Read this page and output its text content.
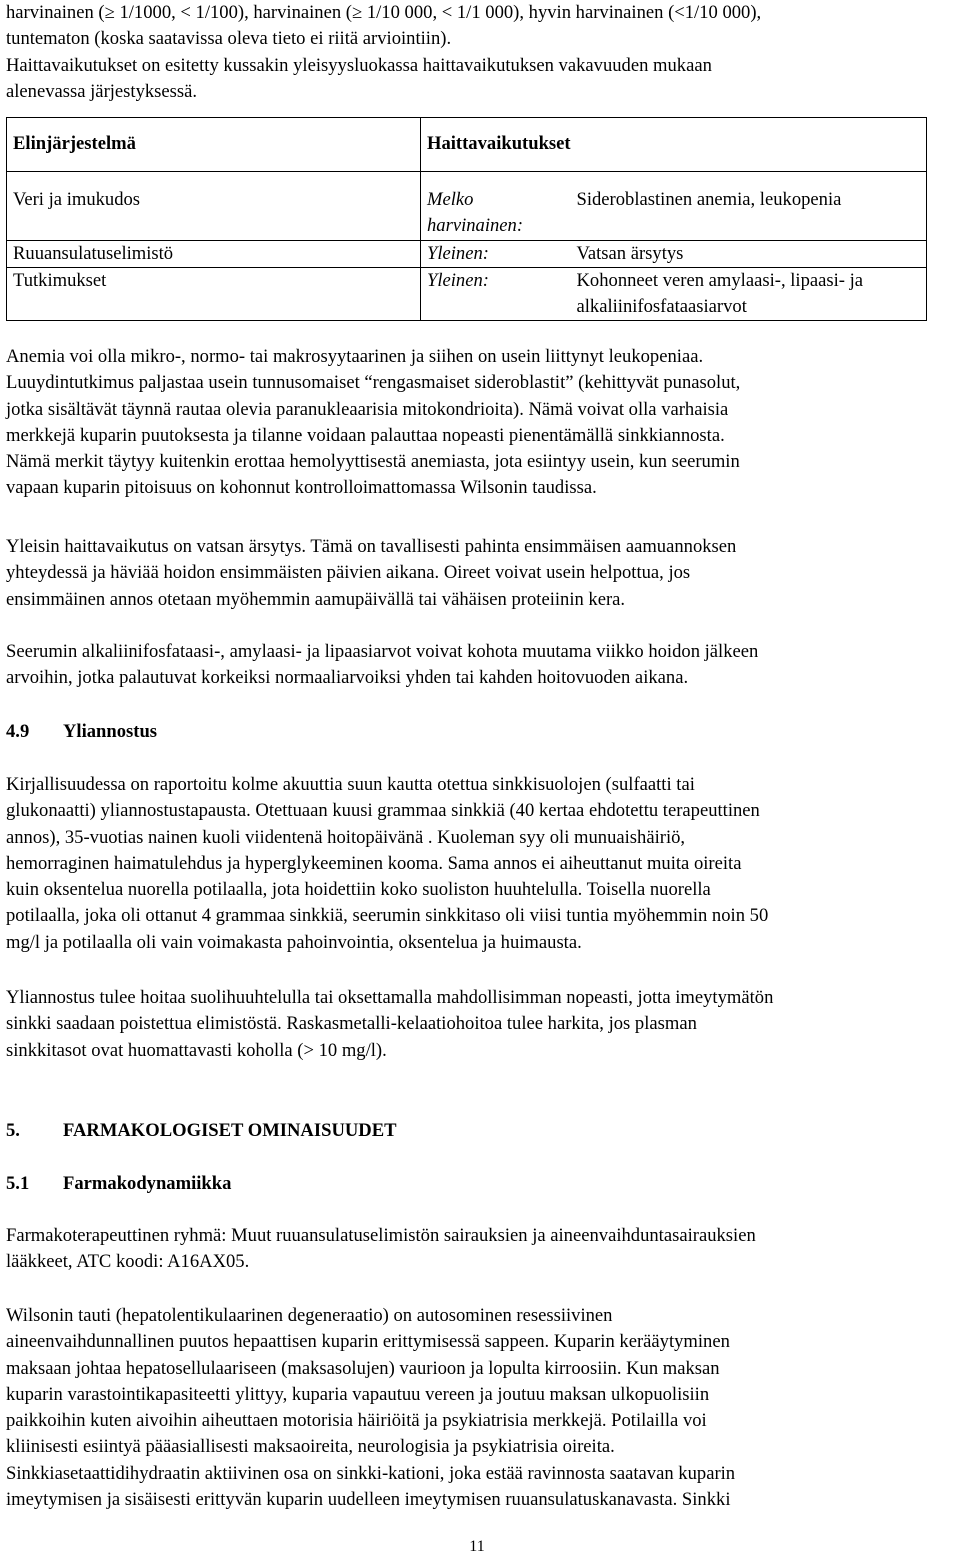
harvinainen (≥ 1/1000, < 1/100), harvinainen (≥ 1/10 000, < 1/1 000), hyvin harvinainen (<1/10 000),
tuntematon (koska saatavissa oleva tieto ei riitä arviointiin).
Haittavaikutukset on esitetty kussakin yleisyysluokassa haittavaikutuksen vakavuuden mukaan
alenevassa järjestyksessä.
Elinjärjestelmä	Haittavaikutukset	
Veri ja imukudos	Melko harvinainen:	Sideroblastinen anemia, leukopenia
Ruuansulatuselimistö	Yleinen:	Vatsan ärsytys
Tutkimukset	Yleinen:	Kohonneet veren amylaasi-, lipaasi- ja alkaliinifosfataasiarvot
Anemia voi olla mikro-, normo- tai makrosyytaarinen ja siihen on usein liittynyt leukopeniaa.
Luuydintutkimus paljastaa usein tunnusomaiset “rengasmaiset sideroblastit” (kehittyvät punasolut,
jotka sisältävät täynnä rautaa olevia paranukleaarisia mitokondrioita). Nämä voivat olla varhaisia
merkkejä kuparin puutoksesta ja tilanne voidaan palauttaa nopeasti pienentämällä sinkkiannosta.
Nämä merkit täytyy kuitenkin erottaa hemolyyttisestä anemiasta, jota esiintyy usein, kun seerumin
vapaan kuparin pitoisuus on kohonnut kontrolloimattomassa Wilsonin taudissa.
Yleisin haittavaikutus on vatsan ärsytys. Tämä on tavallisesti pahinta ensimmäisen aamuannoksen
yhteydessä ja häviää hoidon ensimmäisten päivien aikana. Oireet voivat usein helpottua, jos
ensimmäinen annos otetaan myöhemmin aamupäivällä tai vähäisen proteiinin kera.
Seerumin alkaliinifosfataasi-, amylaasi- ja lipaasiarvot voivat kohota muutama viikko hoidon jälkeen
arvoihin, jotka palautuvat korkeiksi normaaliarvoiksi yhden tai kahden hoitovuoden aikana.
4.9 Yliannostus
Kirjallisuudessa on raportoitu kolme akuuttia suun kautta otettua sinkkisuolojen (sulfaatti tai
glukonaatti) yliannostustapausta. Otettuaan kuusi grammaa sinkkiä (40 kertaa ehdotettu terapeuttinen
annos), 35-vuotias nainen kuoli viidentenä hoitopäivänä . Kuoleman syy oli munuaishäiriö,
hemorraginen haimatulehdus ja hyperglykeeminen kooma. Sama annos ei aiheuttanut muita oireita
kuin oksentelua nuorella potilaalla, jota hoidettiin koko suoliston huuhtelulla. Toisella nuorella
potilaalla, joka oli ottanut 4 grammaa sinkkiä, seerumin sinkkitaso oli viisi tuntia myöhemmin noin 50
mg/l ja potilaalla oli vain voimakasta pahoinvointia, oksentelua ja huimausta.
Yliannostus tulee hoitaa suolihuuhtelulla tai oksettamalla mahdollisimman nopeasti, jotta imeytymätön
sinkki saadaan poistettua elimistöstä. Raskasmetalli-kelaatiohoitoa tulee harkita, jos plasman
sinkkitasot ovat huomattavasti koholla (> 10 mg/l).
5. FARMAKOLOGISET OMINAISUUDET
5.1 Farmakodynamiikka
Farmakoterapeuttinen ryhmä: Muut ruuansulatuselimistön sairauksien ja aineenvaihduntasairauksien
lääkkeet, ATC koodi: A16AX05.
Wilsonin tauti (hepatolentikulaarinen degeneraatio) on autosominen resessiivinen
aineenvaihdunnallinen puutos hepaattisen kuparin erittymisessä sappeen. Kuparin kerääytyminen
maksaan johtaa hepatosellulaariseen (maksasolujen) vaurioon ja lopulta kirroosiin. Kun maksan
kuparin varastointikapasiteetti ylittyy, kuparia vapautuu vereen ja joutuu maksan ulkopuolisiin
paikkoihin kuten aivoihin aiheuttaen motorisia häiriöitä ja psykiatrisia merkkejä. Potilailla voi
kliinisesti esiintyä pääasiallisesti maksaoireita, neurologisia ja psykiatrisia oireita.
Sinkkiasetaattidihydraatin aktiivinen osa on sinkki-kationi, joka estää ravinnosta saatavan kuparin
imeytymisen ja sisäisesti erittyvän kuparin uudelleen imeytymisen ruuansulatuskanavasta. Sinkki
11
